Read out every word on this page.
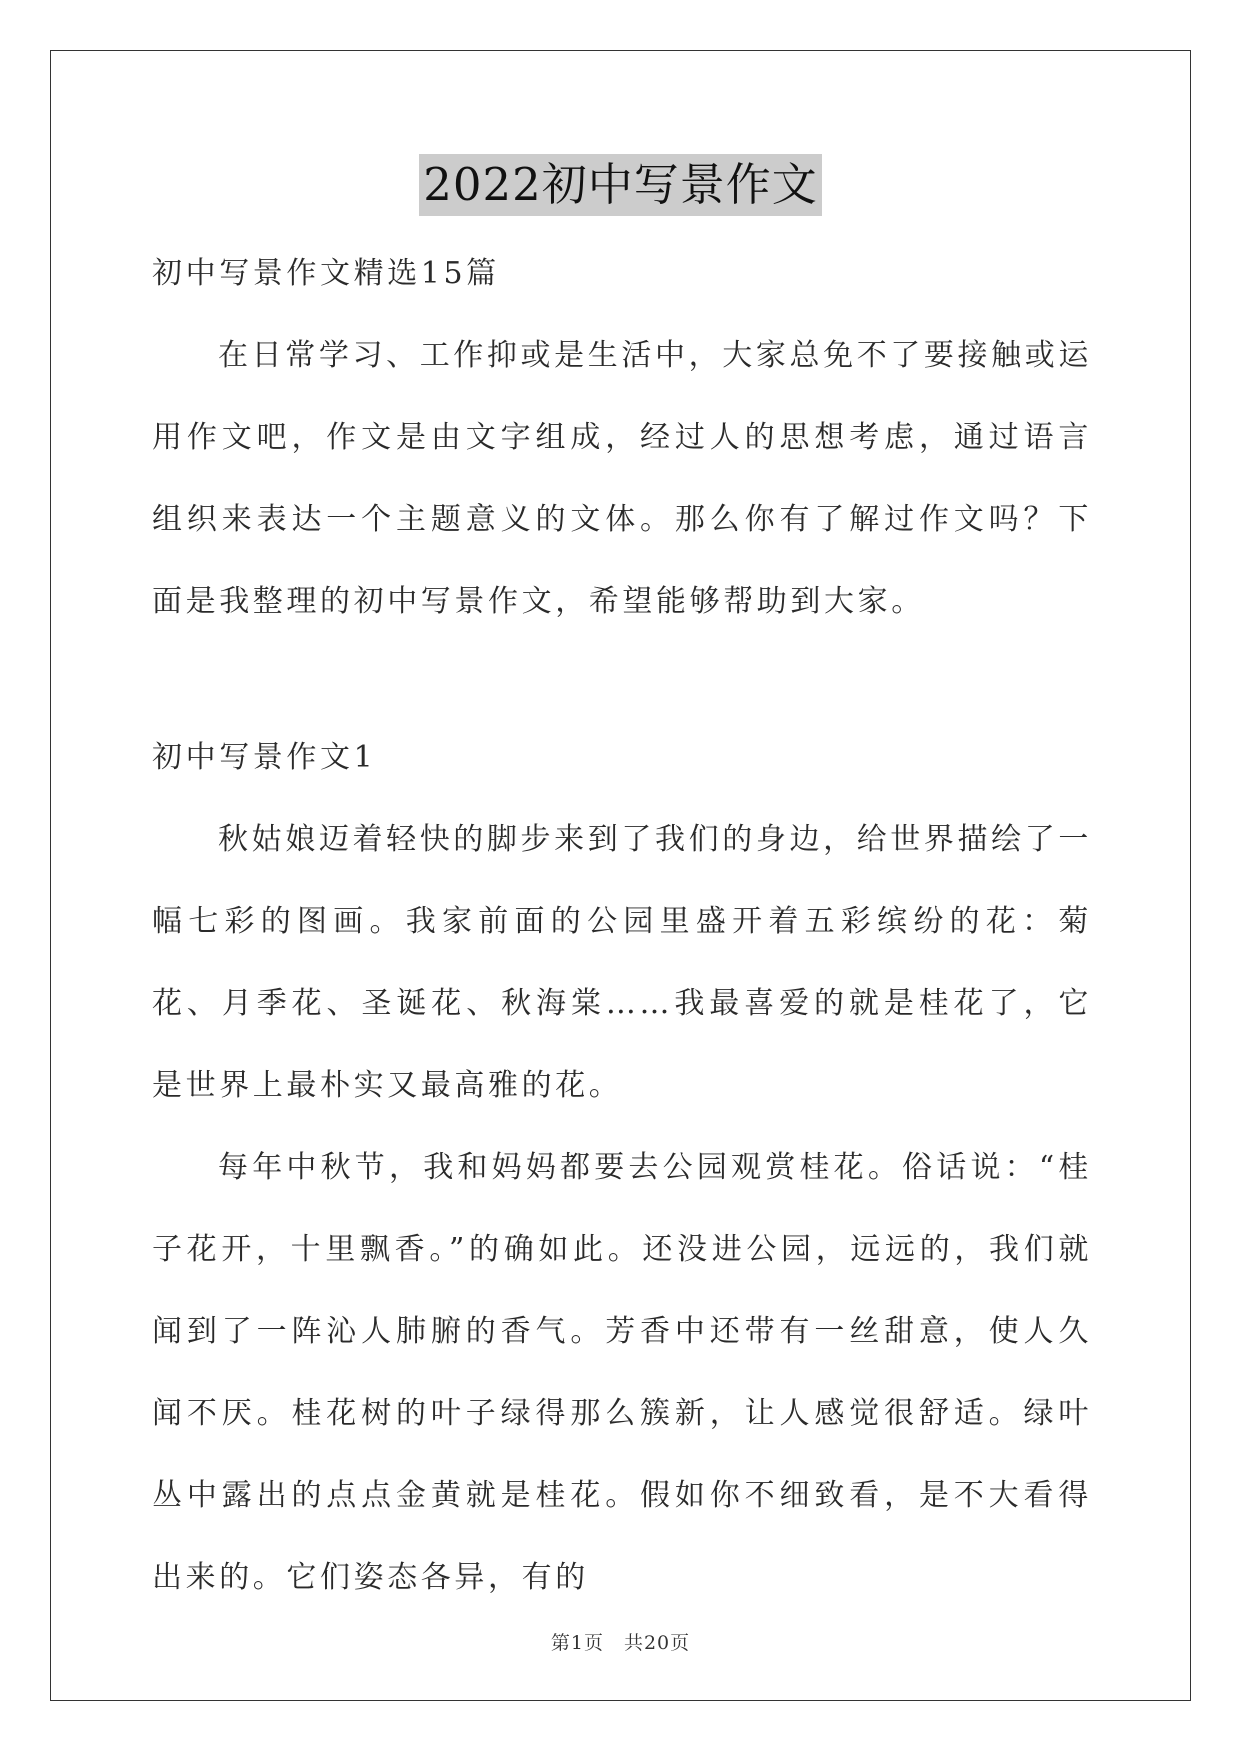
2022初中写景作文

初中写景作文精选15篇

在日常学习、工作抑或是生活中，大家总免不了要接触或运用作文吧，作文是由文字组成，经过人的思想考虑，通过语言组织来表达一个主题意义的文体。那么你有了解过作文吗？下面是我整理的初中写景作文，希望能够帮助到大家。

初中写景作文1

秋姑娘迈着轻快的脚步来到了我们的身边，给世界描绘了一幅七彩的图画。我家前面的公园里盛开着五彩缤纷的花：菊花、月季花、圣诞花、秋海棠……我最喜爱的就是桂花了，它是世界上最朴实又最高雅的花。

每年中秋节，我和妈妈都要去公园观赏桂花。俗话说：“桂子花开，十里飘香。”的确如此。还没进公园，远远的，我们就闻到了一阵沁人肺腑的香气。芳香中还带有一丝甜意，使人久闻不厌。桂花树的叶子绿得那么簇新，让人感觉很舒适。绿叶丛中露出的点点金黄就是桂花。假如你不细致看，是不大看得出来的。它们姿态各异，有的

第1页　共20页
